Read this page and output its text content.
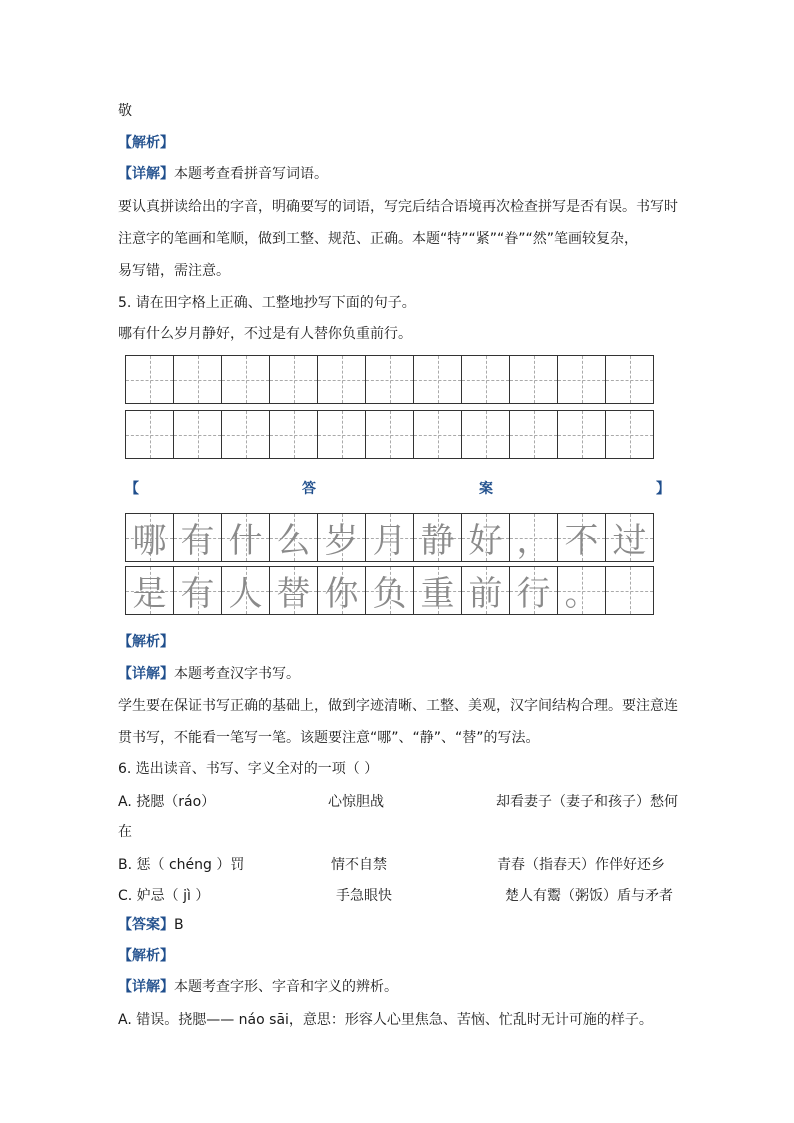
敬
【解析】
【详解】本题考查看拼音写词语。
要认真拼读给出的字音，明确要写的词语，写完后结合语境再次检查拼写是否有误。书写时
注意字的笔画和笔顺，做到工整、规范、正确。本题“特”“紧”“眷”“然”笔画较复杂，
易写错，需注意。
5. 请在田字格上正确、工整地抄写下面的句子。
哪有什么岁月静好，不过是有人替你负重前行。
【	答	案	】
哪 有 什 么 岁 月 静 好 ， 不 过
是 有 人 替 你 负 重 前 行 。
【解析】
【详解】本题考查汉字书写。
学生要在保证书写正确的基础上，做到字迹清晰、工整、美观，汉字间结构合理。要注意连
贯书写，不能看一笔写一笔。该题要注意“哪”、“静”、“替”的写法。
6. 选出读音、书写、字义全对的一项（ ）
A. 挠腮（ráo）	心惊胆战	却看妻子（妻子和孩子）愁何
在
B. 惩（ chéng ）罚	情不自禁	青春（指春天）作伴好还乡
C. 妒忌（ jì ）	手急眼快	楚人有鬻（粥饭）盾与矛者
【答案】B
【解析】
【详解】本题考查字形、字音和字义的辨析。
A. 错误。挠腮—— náo sāi，意思：形容人心里焦急、苦恼、忙乱时无计可施的样子。
